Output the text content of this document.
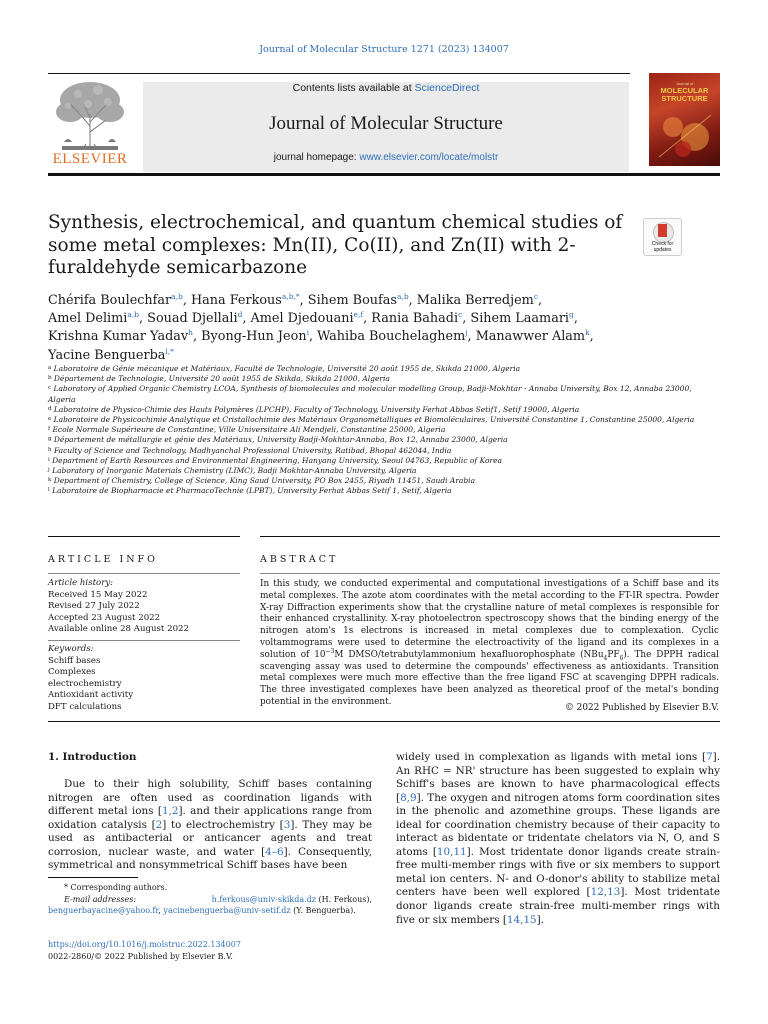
Journal of Molecular Structure 1271 (2023) 134007
ELSEVIER
Contents lists available at ScienceDirect
Journal of Molecular Structure
journal homepage: www.elsevier.com/locate/molstr
Journal of
MOLECULAR
STRUCTURE
Synthesis, electrochemical, and quantum chemical studies of some metal complexes: Mn(II), Co(II), and Zn(II) with 2-furaldehyde semicarbazone
Check for updates
Chérifa Boulechfar$^{a,b}$, Hana Ferkous$^{a,b,*}$, Sihem Boufas$^{a,b}$, Malika Berredjem$^c$,
Amel Delimi$^{a,b}$, Souad Djellali$^d$, Amel Djedouani$^{e,f}$, Rania Bahadi$^c$, Sihem Laamari$^g$,
Krishna Kumar Yadav$^h$, Byong-Hun Jeon$^i$, Wahiba Bouchelaghem$^j$, Manawwer Alam$^k$,
Yacine Benguerba$^{l,*}$
$^a$ Laboratoire de Génie mécanique et Matériaux, Faculté de Technologie, Université 20 août 1955 de, Skikda 21000, Algeria
$^b$ Département de Technologie, Université 20 août 1955 de Skikda, Skikda 21000, Algeria
$^c$ Laboratory of Applied Organic Chemistry LCOA, Synthesis of biomolecules and molecular modelling Group, Badji-Mokhtar - Annaba University, Box 12, Annaba 23000, Algeria
$^d$ Laboratoire de Physico-Chimie des Hauts Polymères (LPCHP), Faculty of Technology, University Ferhat Abbas Setif1, Setif 19000, Algeria
$^e$ Laboratoire de Physicochimie Analytique et Cristallochimie des Matériaux Organométalliques et Biomoléculaires, Université Constantine 1, Constantine 25000, Algeria
$^f$ Ecole Normale Supérieure de Constantine, Ville Universitaire Ali Mendjeli, Constantine 25000, Algeria
$^g$ Département de métallurgie et génie des Matériaux, University Badji-Mokhtar-Annaba, Box 12, Annaba 23000, Algeria
$^h$ Faculty of Science and Technology, Madhyanchal Professional University, Ratibad, Bhopal 462044, India
$^i$ Department of Earth Resources and Environmental Engineering, Hanyang University, Seoul 04763, Republic of Korea
$^j$ Laboratory of Inorganic Materials Chemistry (LIMC), Badji Mokhtar-Annaba University, Algeria
$^k$ Department of Chemistry, College of Science, King Saud University, PO Box 2455, Riyadh 11451, Saudi Arabia
$^l$ Laboratoire de Biopharmacie et PharmacoTechnie (LPBT), University Ferhat Abbas Setif 1, Setif, Algeria
ARTICLE INFO	ABSTRACT
Article history:
Received 15 May 2022
Revised 27 July 2022
Accepted 23 August 2022
Available online 28 August 2022
Keywords:
Schiff bases
Complexes
electrochemistry
Antioxidant activity
DFT calculations
In this study, we conducted experimental and computational investigations of a Schiff base and its metal complexes. The azote atom coordinates with the metal according to the FT-IR spectra. Powder X-ray Diffraction experiments show that the crystalline nature of metal complexes is responsible for their enhanced crystallinity. X-ray photoelectron spectroscopy shows that the binding energy of the nitrogen atom's 1s electrons is increased in metal complexes due to complexation. Cyclic voltammograms were used to determine the electroactivity of the ligand and its complexes in a solution of $10^{-3}M$ DMSO/tetrabutylammonium hexafluorophosphate $(NBu_4PF_6)$. The DPPH radical scavenging assay was used to determine the compounds' effectiveness as antioxidants. Transition metal complexes were much more effective than the free ligand FSC at scavenging DPPH radicals. The three investigated complexes have been analyzed as theoretical proof of the metal's bonding potential in the environment.
© 2022 Published by Elsevier B.V.
1. Introduction
Due to their high solubility, Schiff bases containing nitrogen are often used as coordination ligands with different metal ions [1,2]. and their applications range from oxidation catalysis [2] to electrochemistry [3]. They may be used as antibacterial or anticancer agents and treat corrosion, nuclear waste, and water [4–6]. Consequently, symmetrical and nonsymmetrical Schiff bases have been
widely used in complexation as ligands with metal ions [7]. An RHC = NR' structure has been suggested to explain why Schiff's bases are known to have pharmacological effects [8,9]. The oxygen and nitrogen atoms form coordination sites in the phenolic and azomethine groups. These ligands are ideal for coordination chemistry because of their capacity to interact as bidentate or tridentate chelators via N, O, and S atoms [10,11]. Most tridentate donor ligands create strain-free multi-member rings with five or six members to support metal ion centers. N- and O-donor's ability to stabilize metal centers have been well explored [12,13]. Most tridentate donor ligands create strain-free multi-member rings with five or six members [14,15].
* Corresponding authors.
E-mail addresses:	h.ferkous@univ-skikda.dz (H. Ferkous),
benguerbayacine@yahoo.fr, yacinebenguerba@univ-setif.dz (Y. Benguerba).
https://doi.org/10.1016/j.molstruc.2022.134007
0022-2860/© 2022 Published by Elsevier B.V.
